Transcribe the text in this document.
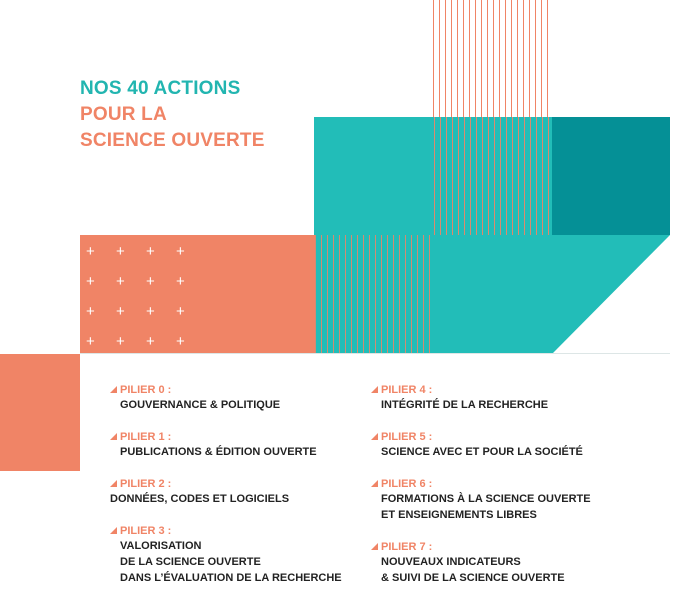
NOS 40 ACTIONS
POUR LA
SCIENCE OUVERTE
+ + + +
+ + + +
+ + + +
+ + + +
PILIER 0 :
GOUVERNANCE & POLITIQUE
PILIER 1 :
PUBLICATIONS & ÉDITION OUVERTE
PILIER 2 :
DONNÉES, CODES ET LOGICIELS
PILIER 3 :
VALORISATION
DE LA SCIENCE OUVERTE
DANS L’ÉVALUATION DE LA RECHERCHE
PILIER 4 :
INTÉGRITÉ DE LA RECHERCHE
PILIER 5 :
SCIENCE AVEC ET POUR LA SOCIÉTÉ
PILIER 6 :
FORMATIONS À LA SCIENCE OUVERTE
ET ENSEIGNEMENTS LIBRES
PILIER 7 :
NOUVEAUX INDICATEURS
& SUIVI DE LA SCIENCE OUVERTE
